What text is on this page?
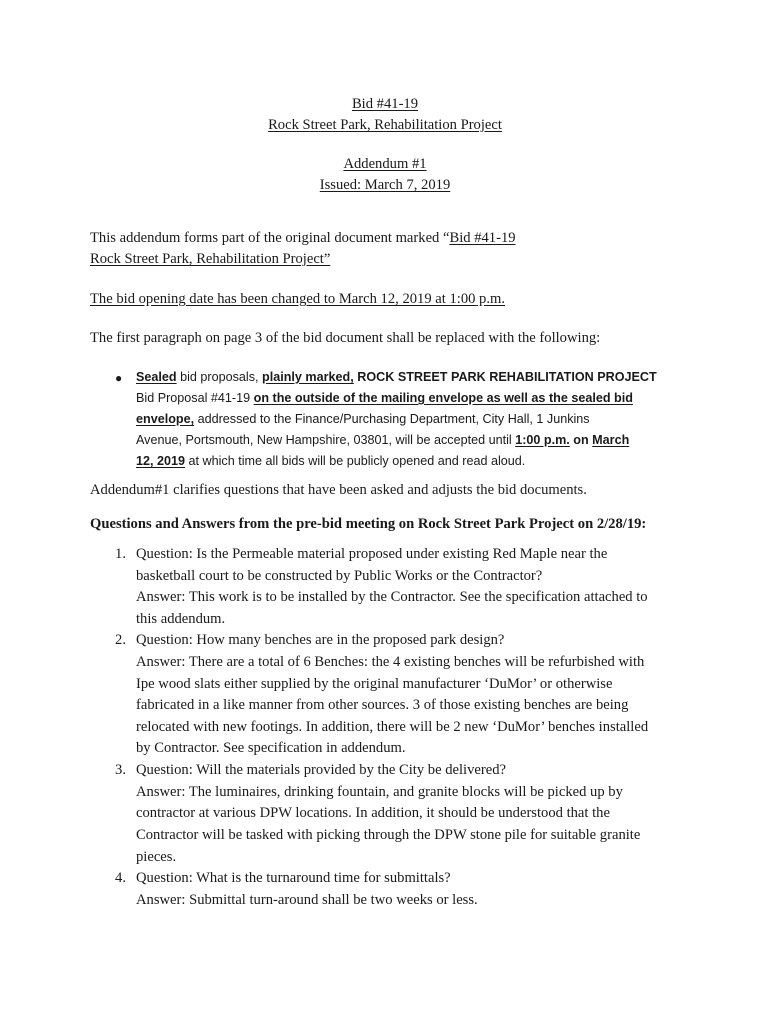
Bid #41-19
Rock Street Park, Rehabilitation Project
Addendum #1
Issued: March 7, 2019
This addendum forms part of the original document marked “Bid #41-19
Rock Street Park, Rehabilitation Project”
The bid opening date has been changed to March 12, 2019 at 1:00 p.m.
The first paragraph on page 3 of the bid document shall be replaced with the following:
● Sealed bid proposals, plainly marked, ROCK STREET PARK REHABILITATION PROJECT
Bid Proposal #41-19 on the outside of the mailing envelope as well as the sealed bid
envelope, addressed to the Finance/Purchasing Department, City Hall, 1 Junkins
Avenue, Portsmouth, New Hampshire, 03801, will be accepted until 1:00 p.m. on March
12, 2019 at which time all bids will be publicly opened and read aloud.
Addendum#1 clarifies questions that have been asked and adjusts the bid documents.
Questions and Answers from the pre-bid meeting on Rock Street Park Project on 2/28/19:
1. Question: Is the Permeable material proposed under existing Red Maple near the
basketball court to be constructed by Public Works or the Contractor?
Answer: This work is to be installed by the Contractor. See the specification attached to
this addendum.
2. Question: How many benches are in the proposed park design?
Answer: There are a total of 6 Benches: the 4 existing benches will be refurbished with
Ipe wood slats either supplied by the original manufacturer ‘DuMor’ or otherwise
fabricated in a like manner from other sources. 3 of those existing benches are being
relocated with new footings. In addition, there will be 2 new ‘DuMor’ benches installed
by Contractor. See specification in addendum.
3. Question: Will the materials provided by the City be delivered?
Answer: The luminaires, drinking fountain, and granite blocks will be picked up by
contractor at various DPW locations. In addition, it should be understood that the
Contractor will be tasked with picking through the DPW stone pile for suitable granite
pieces.
4. Question: What is the turnaround time for submittals?
Answer: Submittal turn-around shall be two weeks or less.
